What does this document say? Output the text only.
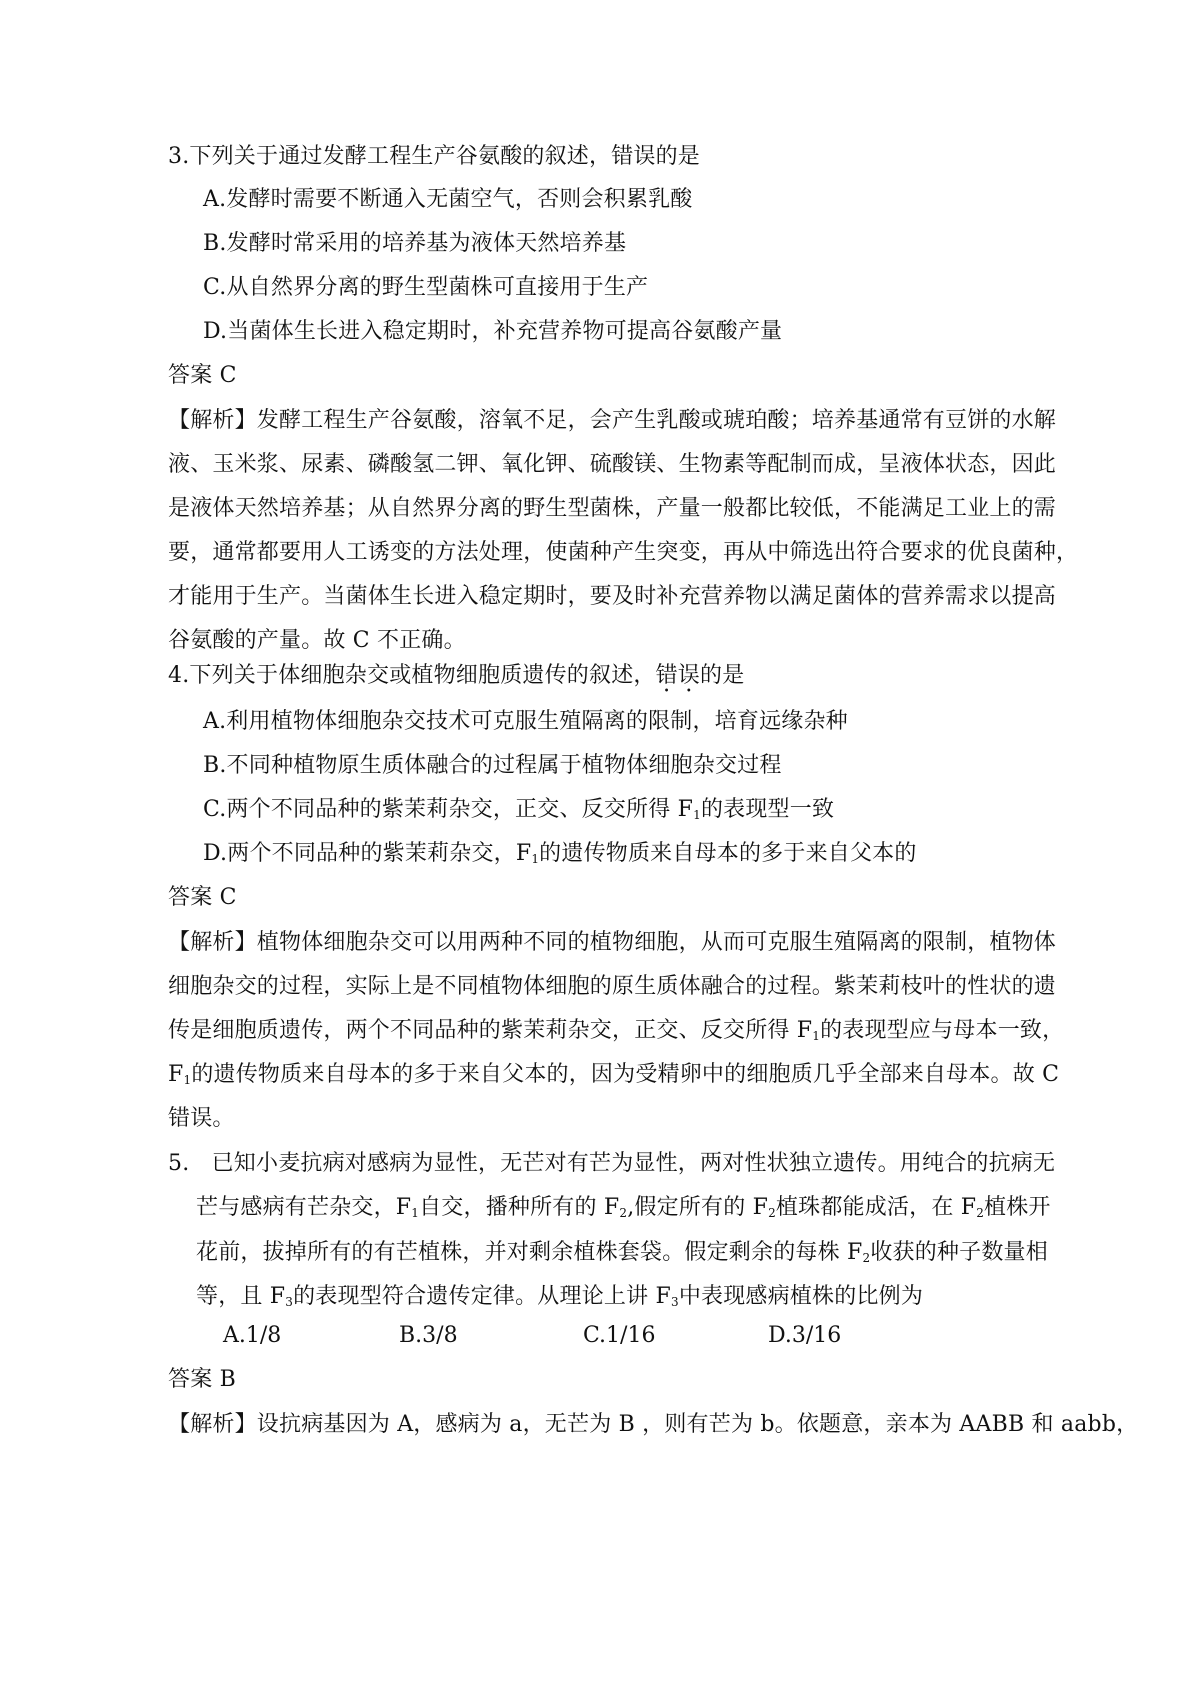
3.下列关于通过发酵工程生产谷氨酸的叙述，错误的是
A.发酵时需要不断通入无菌空气，否则会积累乳酸
B.发酵时常采用的培养基为液体天然培养基
C.从自然界分离的野生型菌株可直接用于生产
D.当菌体生长进入稳定期时，补充营养物可提高谷氨酸产量
答案 C
【解析】发酵工程生产谷氨酸，溶氧不足，会产生乳酸或琥珀酸；培养基通常有豆饼的水解
液、玉米浆、尿素、磷酸氢二钾、氧化钾、硫酸镁、生物素等配制而成，呈液体状态，因此
是液体天然培养基；从自然界分离的野生型菌株，产量一般都比较低，不能满足工业上的需
要，通常都要用人工诱变的方法处理，使菌种产生突变，再从中筛选出符合要求的优良菌种，
才能用于生产。当菌体生长进入稳定期时，要及时补充营养物以满足菌体的营养需求以提高
谷氨酸的产量。故 C 不正确。
4.下列关于体细胞杂交或植物细胞质遗传的叙述，错误的是
A.利用植物体细胞杂交技术可克服生殖隔离的限制，培育远缘杂种
B.不同种植物原生质体融合的过程属于植物体细胞杂交过程
C.两个不同品种的紫茉莉杂交，正交、反交所得 $F_1$的表现型一致
D.两个不同品种的紫茉莉杂交，$F_1$的遗传物质来自母本的多于来自父本的
答案 C
【解析】植物体细胞杂交可以用两种不同的植物细胞，从而可克服生殖隔离的限制，植物体
细胞杂交的过程，实际上是不同植物体细胞的原生质体融合的过程。紫茉莉枝叶的性状的遗
传是细胞质遗传，两个不同品种的紫茉莉杂交，正交、反交所得 $F_1$的表现型应与母本一致，
$F_1$的遗传物质来自母本的多于来自父本的，因为受精卵中的细胞质几乎全部来自母本。故 C
错误。
5.　已知小麦抗病对感病为显性，无芒对有芒为显性，两对性状独立遗传。用纯合的抗病无
芒与感病有芒杂交，$F_1$自交，播种所有的 $F_2$,假定所有的 $F_2$植珠都能成活，在 $F_2$植株开
花前，拔掉所有的有芒植株，并对剩余植株套袋。假定剩余的每株 $F_2$收获的种子数量相
等，且 $F_3$的表现型符合遗传定律。从理论上讲 $F_3$中表现感病植株的比例为
A.1/8	B.3/8	C.1/16	D.3/16
答案 B
【解析】设抗病基因为 A，感病为 a，无芒为 B ，则有芒为 b。依题意，亲本为 AABB 和 aabb，
